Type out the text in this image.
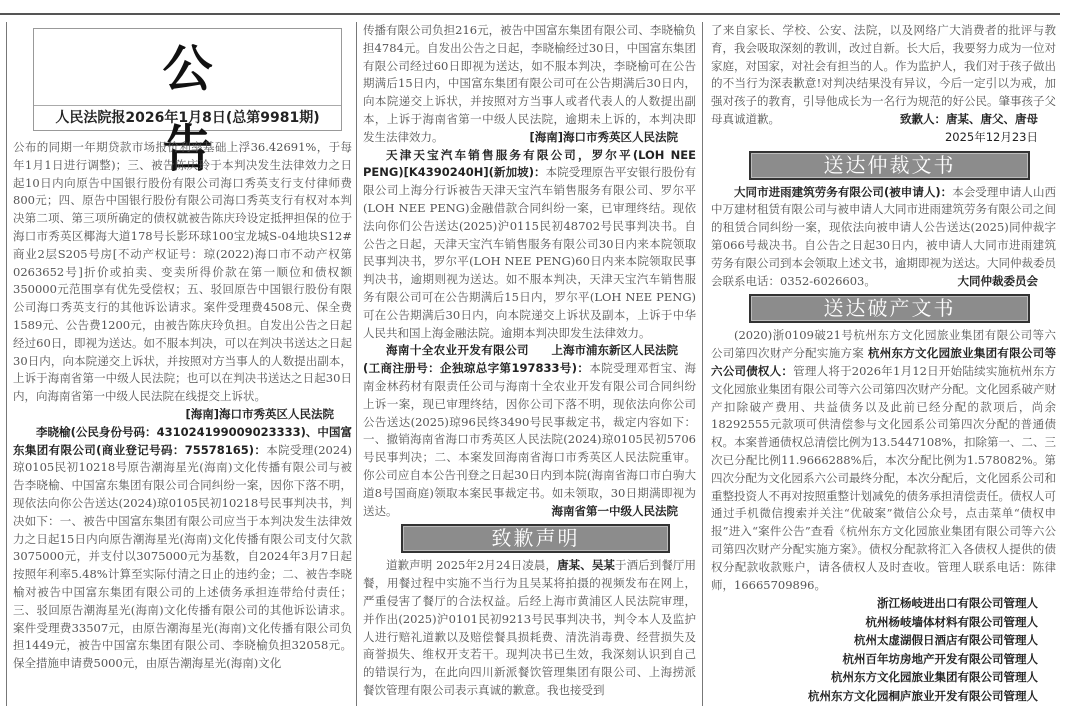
公 告
人民法院报2026年1月8日(总第9981期)

公布的同期一年期贷款市场报价利率基础上浮36.42691%，于每年1月1日进行调整)；三、被告陈庆玲于本判决发生法律效力之日起10日内向原告中国银行股份有限公司海口秀英支行支付律师费800元；四、原告中国银行股份有限公司海口秀英支行有权对本判决第二项、第三项所确定的债权就被告陈庆玲设定抵押担保的位于海口市秀英区椰海大道178号长影环球100宝龙城S-04地块S12#商业2层S205号房[不动产权证号：琼(2022)海口市不动产权第0263652号]折价或拍卖、变卖所得价款在第一顺位和债权额350000元范围享有优先受偿权；五、驳回原告中国银行股份有限公司海口秀英支行的其他诉讼请求。案件受理费4508元、保全费1589元、公告费1200元，由被告陈庆玲负担。自发出公告之日起经过60日，即视为送达。如不服本判决，可以在判决书送达之日起30日内，向本院递交上诉状，并按照对方当事人的人数提出副本，上诉于海南省第一中级人民法院；也可以在判决书送达之日起30日内，向海南省第一中级人民法院在线提交上诉状。

[海南]海口市秀英区人民法院

李晓榆(公民身份号码：431024199009023333)、中国富东集团有限公司(商业登记号码：75578165)：本院受理(2024)琼0105民初10218号原告潮海星光(海南)文化传播有限公司与被告李晓榆、中国富东集团有限公司合同纠纷一案，因你下落不明，现依法向你公告送达(2024)琼0105民初10218号民事判决书，判决如下：一、被告中国富东集团有限公司应当于本判决发生法律效力之日起15日内向原告潮海星光(海南)文化传播有限公司支付欠款3075000元，并支付以3075000元为基数，自2024年3月7日起按照年利率5.48%计算至实际付清之日止的违约金；二、被告李晓榆对被告中国富东集团有限公司的上述债务承担连带给付责任；三、驳回原告潮海星光(海南)文化传播有限公司的其他诉讼请求。案件受理费33507元，由原告潮海星光(海南)文化传播有限公司负担1449元，被告中国富东集团有限公司、李晓榆负担32058元。保全措施申请费5000元，由原告潮海星光(海南)文化

传播有限公司负担216元，被告中国富东集团有限公司、李晓榆负担4784元。自发出公告之日起，李晓榆经过30日，中国富东集团有限公司经过60日即视为送达，如不服本判决，李晓榆可在公告期满后15日内，中国富东集团有限公司可在公告期满后30日内，向本院递交上诉状，并按照对方当事人或者代表人的人数提出副本，上诉于海南省第一中级人民法院，逾期未上诉的，本判决即发生法律效力。	[海南]海口市秀英区人民法院

天津天宝汽车销售服务有限公司，罗尔平(LOH NEE PENG)[K4390240H](新加坡)：本院受理原告平安银行股份有限公司上海分行诉被告天津天宝汽车销售服务有限公司、罗尔平(LOH NEE PENG)金融借款合同纠纷一案，已审理终结。现依法向你们公告送达(2025)沪0115民初48702号民事判决书。自公告之日起，天津天宝汽车销售服务有限公司30日内来本院领取民事判决书，罗尔平(LOH NEE PENG)60日内来本院领取民事判决书，逾期则视为送达。如不服本判决，天津天宝汽车销售服务有限公司可在公告期满后15日内，罗尔平(LOH NEE PENG)可在公告期满后30日内，向本院递交上诉状及副本，上诉于中华人民共和国上海金融法院。逾期本判决即发生法律效力。
上海市浦东新区人民法院

海南十全农业开发有限公司(工商注册号：企独琼总字第197833号)：本院受理邓哲宝、海南金林药材有限责任公司与海南十全农业开发有限公司合同纠纷上诉一案，现已审理终结，因你公司下落不明，现依法向你公司公告送达(2025)琼96民终3490号民事裁定书，裁定内容如下：一、撤销海南省海口市秀英区人民法院(2024)琼0105民初5706号民事判决；二、本案发回海南省海口市秀英区人民法院重审。你公司应自本公告刊登之日起30日内到本院(海南省海口市白驹大道8号国商庭)领取本案民事裁定书。如未领取，30日期满即视为送达。	海南省第一中级人民法院

致歉声明

道歉声明 2025年2月24日凌晨，唐某、吴某于酒后到餐厅用餐，用餐过程中实施不当行为且吴某将拍摄的视频发布在网上，严重侵害了餐厅的合法权益。后经上海市黄浦区人民法院审理，并作出(2025)沪0101民初9213号民事判决书，判令本人及监护人进行赔礼道歉以及赔偿餐具损耗费、清洗消毒费、经营损失及商誉损失、维权开支若干。现判决书已生效，我深刻认识到自己的错误行为，在此向四川新派餐饮管理集团有限公司、上海捞派餐饮管理有限公司表示真诚的歉意。我也接受到

了来自家长、学校、公安、法院，以及网络广大消费者的批评与教育，我会吸取深刻的教训，改过自新。长大后，我要努力成为一位对家庭，对国家，对社会有担当的人。作为监护人，我们对于孩子做出的不当行为深表歉意!对判决结果没有异议，今后一定引以为戒，加强对孩子的教育，引导他成长为一名行为规范的好公民。肇事孩子父母真诚道歉。	致歉人：唐某、唐父、唐母

2025年12月23日
送达仲裁文书

大同市进雨建筑劳务有限公司(被申请人)：本会受理申请人山西中万建材租赁有限公司与被申请人大同市进雨建筑劳务有限公司之间的租赁合同纠纷一案，现依法向被申请人公告送达(2025)同仲裁字第066号裁决书。自公告之日起30日内，被申请人大同市进雨建筑劳务有限公司到本会领取上述文书，逾期即视为送达。大同仲裁委员会联系电话：0352-6026603。	大同仲裁委员会

送达破产文书

(2020)浙0109破21号杭州东方文化园旅业集团有限公司等六公司第四次财产分配实施方案 杭州东方文化园旅业集团有限公司等六公司债权人：管理人将于2026年1月12日开始陆续实施杭州东方文化园旅业集团有限公司等六公司第四次财产分配。文化园系破产财产扣除破产费用、共益债务以及此前已经分配的款项后，尚余18292555元款项可供清偿参与文化园系公司第四次分配的普通债权。本案普通债权总清偿比例为13.5447108%，扣除第一、二、三次已分配比例11.9666288%后，本次分配比例为1.578082%。第四次分配为文化园系六公司最终分配，本次分配后，文化园系公司和重整投资人不再对按照重整计划减免的债务承担清偿责任。债权人可通过手机微信搜索并关注“优破案”微信公众号，点击菜单“债权申报”进入“案件公告”查看《杭州东方文化园旅业集团有限公司等六公司第四次财产分配实施方案》。债权分配款将汇入各债权人提供的债权分配款收款账户，请各债权人及时查收。管理人联系电话：陈律师，16665709896。

浙江杨岐进出口有限公司管理人
杭州杨岐墙体材料有限公司管理人
杭州太虚湖假日酒店有限公司管理人
杭州百年坊房地产开发有限公司管理人
杭州东方文化园旅业集团有限公司管理人
杭州东方文化园桐庐旅业开发有限公司管理人
